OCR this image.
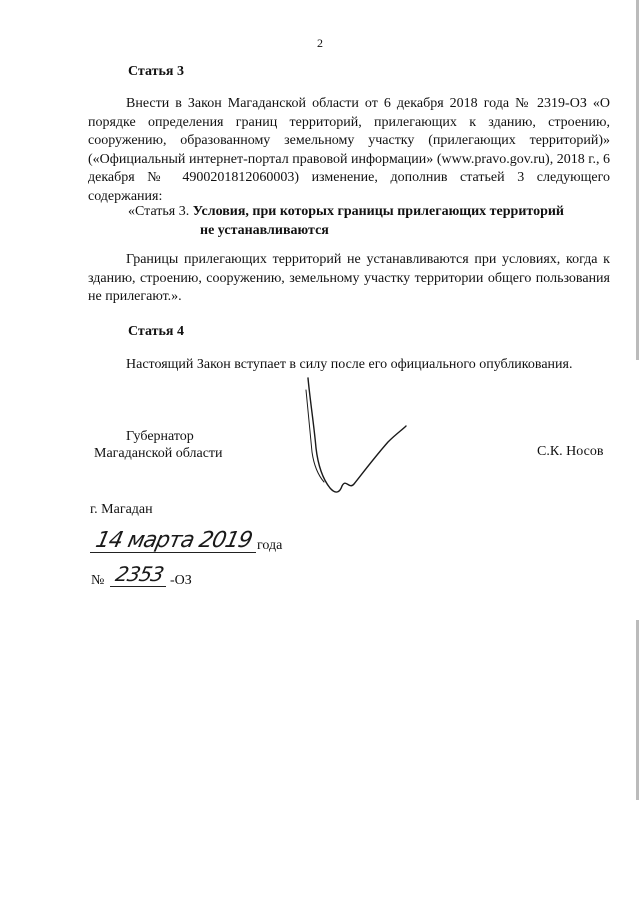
2
Статья 3

Внести в Закон Магаданской области от 6 декабря 2018 года № 2319-ОЗ «О порядке определения границ территорий, прилегающих к зданию, строению, сооружению, образованному земельному участку (прилегающих территорий)» («Официальный интернет-портал правовой информации» (www.pravo.gov.ru), 2018 г., 6 декабря № 4900201812060003) изменение, дополнив статьей 3 следующего содержания:

«Статья 3. Условия, при которых границы прилегающих территорий
не устанавливаются

Границы прилегающих территорий не устанавливаются при условиях, когда к зданию, строению, сооружению, земельному участку территории общего пользования не прилегают.».

Статья 4

Настоящий Закон вступает в силу после его официального опубликования.

Губернатор
Магаданской области	С.К. Носов
г. Магадан
14 марта 2019 года
№ 2353 -ОЗ
